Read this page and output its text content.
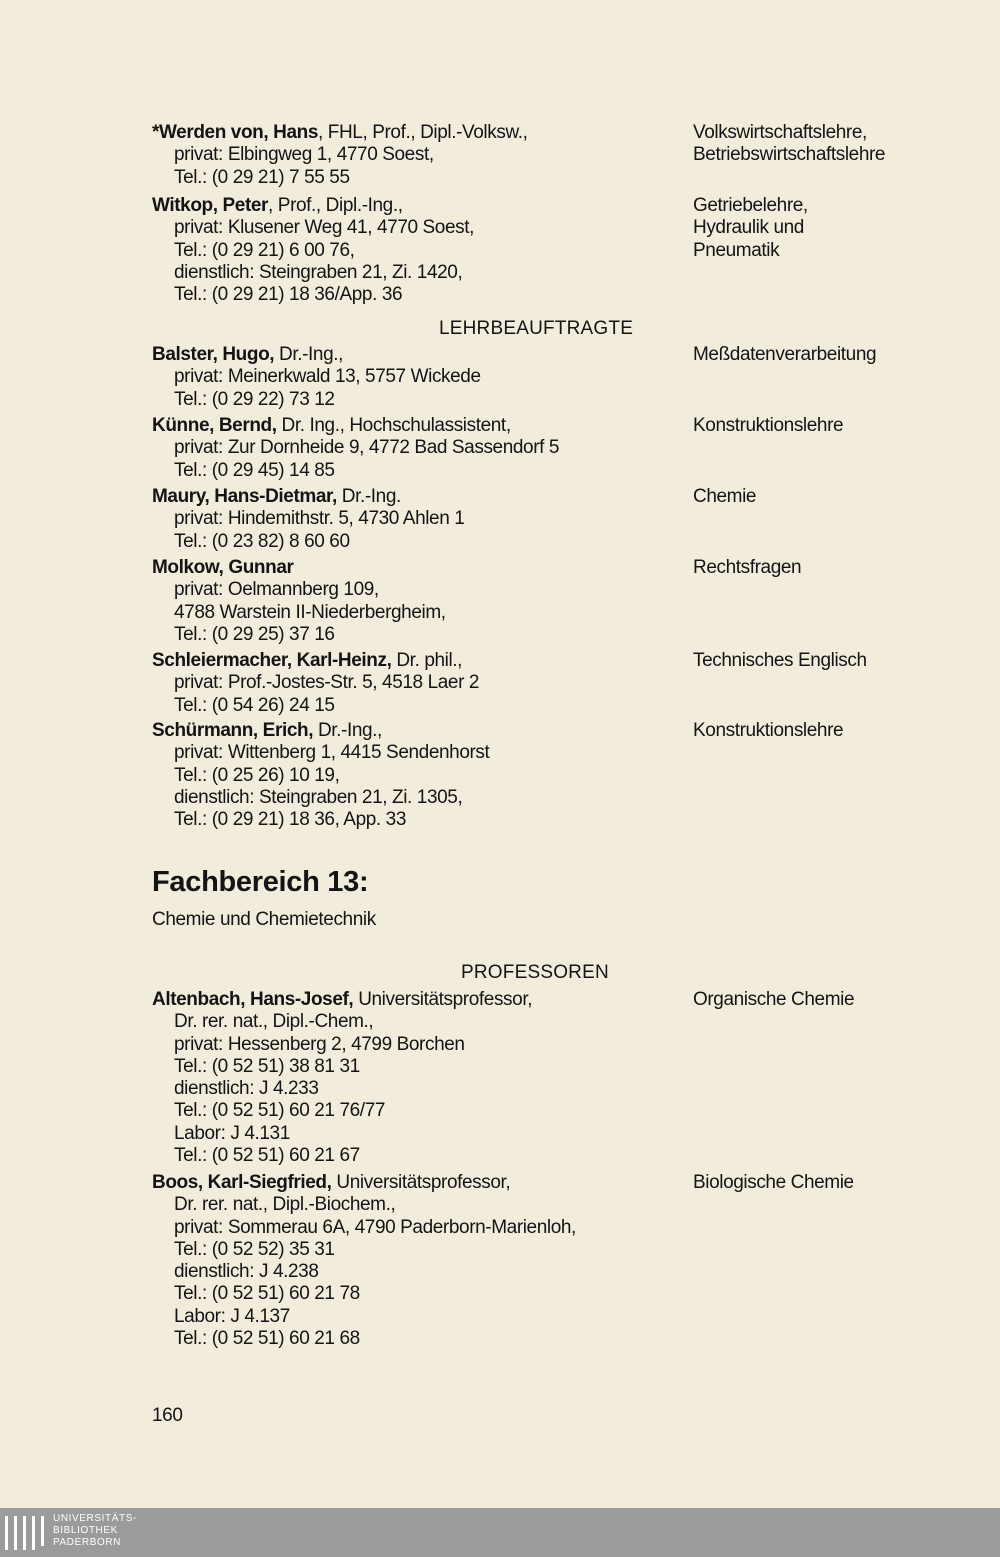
*Werden von, Hans, FHL, Prof., Dipl.-Volksw.,
privat: Elbingweg 1, 4770 Soest,
Tel.: (0 29 21) 7 55 55
Volkswirtschaftslehre,
Betriebswirtschaftslehre
Witkop, Peter, Prof., Dipl.-Ing.,
privat: Klusener Weg 41, 4770 Soest,
Tel.: (0 29 21) 6 00 76,
dienstlich: Steingraben 21, Zi. 1420,
Tel.: (0 29 21) 18 36/App. 36
Getriebelehre,
Hydraulik und
Pneumatik
LEHRBEAUFTRAGTE
Balster, Hugo, Dr.-Ing.,
privat: Meinerkwald 13, 5757 Wickede
Tel.: (0 29 22) 73 12
Meßdatenverarbeitung
Künne, Bernd, Dr. Ing., Hochschulassistent,
privat: Zur Dornheide 9, 4772 Bad Sassendorf 5
Tel.: (0 29 45) 14 85
Konstruktionslehre
Maury, Hans-Dietmar, Dr.-Ing.
privat: Hindemithstr. 5, 4730 Ahlen 1
Tel.: (0 23 82) 8 60 60
Chemie
Molkow, Gunnar
privat: Oelmannberg 109,
4788 Warstein II-Niederbergheim,
Tel.: (0 29 25) 37 16
Rechtsfragen
Schleiermacher, Karl-Heinz, Dr. phil.,
privat: Prof.-Jostes-Str. 5, 4518 Laer 2
Tel.: (0 54 26) 24 15
Technisches Englisch
Schürmann, Erich, Dr.-Ing.,
privat: Wittenberg 1, 4415 Sendenhorst
Tel.: (0 25 26) 10 19,
dienstlich: Steingraben 21, Zi. 1305,
Tel.: (0 29 21) 18 36, App. 33
Konstruktionslehre
Fachbereich 13:
Chemie und Chemietechnik
PROFESSOREN
Altenbach, Hans-Josef, Universitätsprofessor,
Dr. rer. nat., Dipl.-Chem.,
privat: Hessenberg 2, 4799 Borchen
Tel.: (0 52 51) 38 81 31
dienstlich: J 4.233
Tel.: (0 52 51) 60 21 76/77
Labor: J 4.131
Tel.: (0 52 51) 60 21 67
Organische Chemie
Boos, Karl-Siegfried, Universitätsprofessor,
Dr. rer. nat., Dipl.-Biochem.,
privat: Sommerau 6A, 4790 Paderborn-Marienloh,
Tel.: (0 52 52) 35 31
dienstlich: J 4.238
Tel.: (0 52 51) 60 21 78
Labor: J 4.137
Tel.: (0 52 51) 60 21 68
Biologische Chemie
160
UNIVERSITÄTS-
BIBLIOTHEK
PADERBORN
